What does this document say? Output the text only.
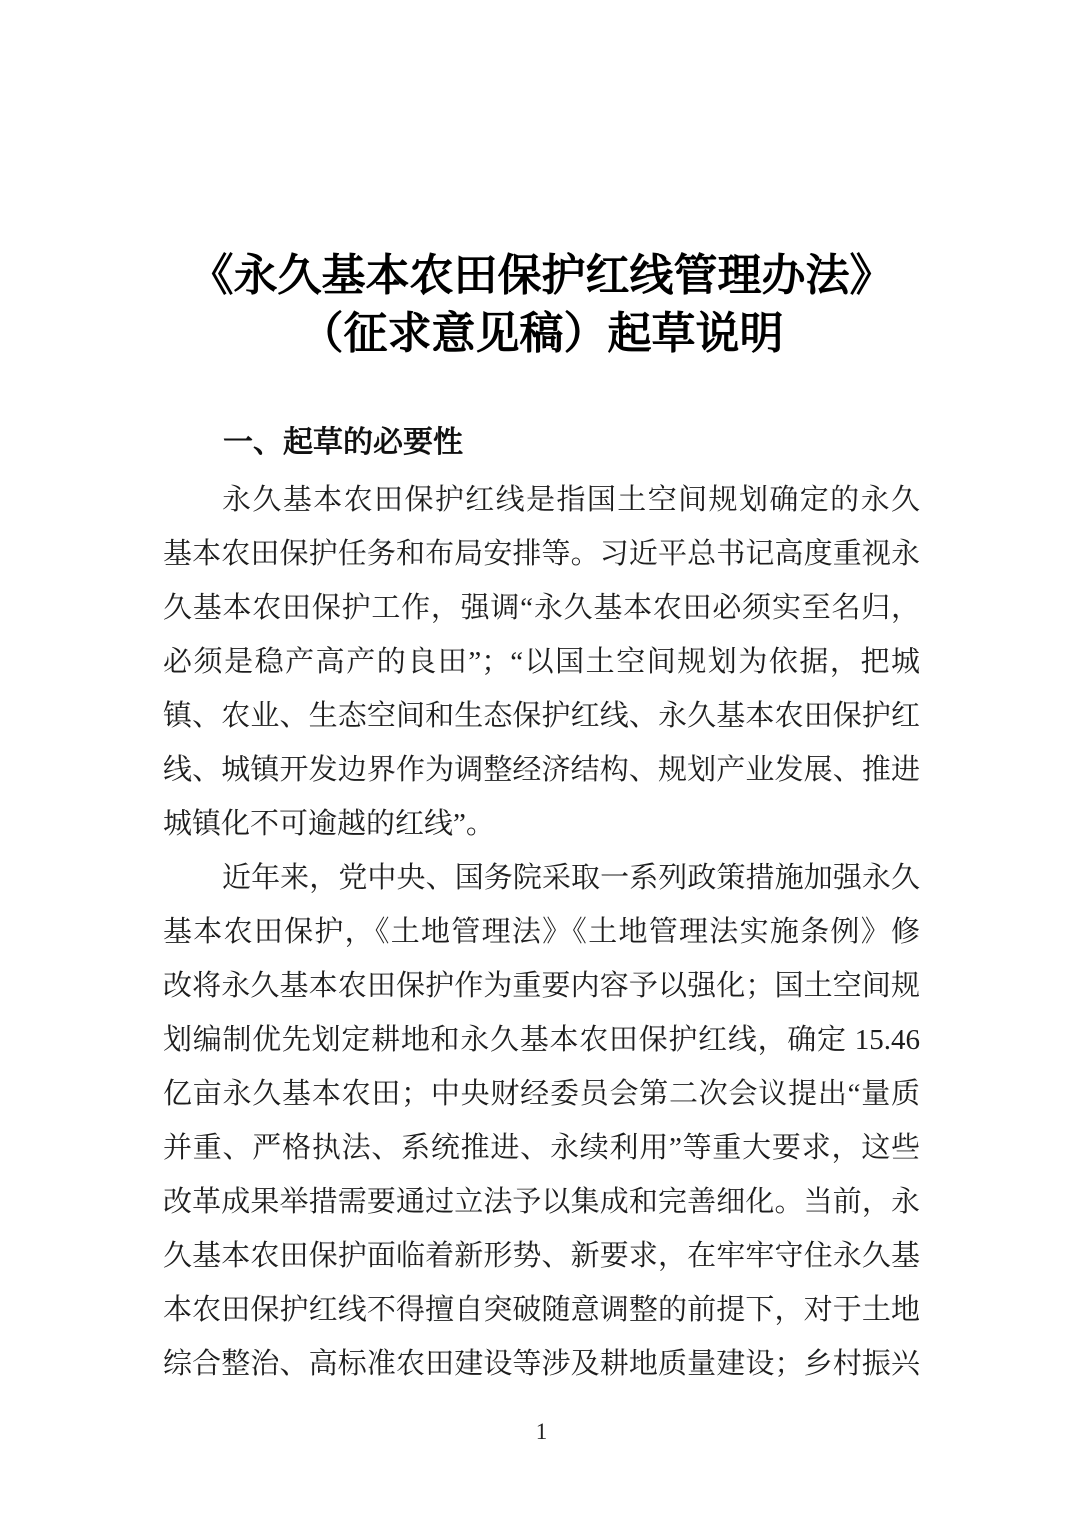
《永久基本农田保护红线管理办法》
（征求意见稿）起草说明
一、起草的必要性
永久基本农田保护红线是指国土空间规划确定的永久
基本农田保护任务和布局安排等。习近平总书记高度重视永
久基本农田保护工作，强调“永久基本农田必须实至名归，
必须是稳产高产的良田”；“以国土空间规划为依据，把城
镇、农业、生态空间和生态保护红线、永久基本农田保护红
线、城镇开发边界作为调整经济结构、规划产业发展、推进
城镇化不可逾越的红线”。
近年来，党中央、国务院采取一系列政策措施加强永久
基本农田保护，《土地管理法》《土地管理法实施条例》修
改将永久基本农田保护作为重要内容予以强化；国土空间规
划编制优先划定耕地和永久基本农田保护红线，确定 15.46
亿亩永久基本农田；中央财经委员会第二次会议提出“量质
并重、严格执法、系统推进、永续利用”等重大要求，这些
改革成果举措需要通过立法予以集成和完善细化。当前，永
久基本农田保护面临着新形势、新要求，在牢牢守住永久基
本农田保护红线不得擅自突破随意调整的前提下，对于土地
综合整治、高标准农田建设等涉及耕地质量建设；乡村振兴
1
